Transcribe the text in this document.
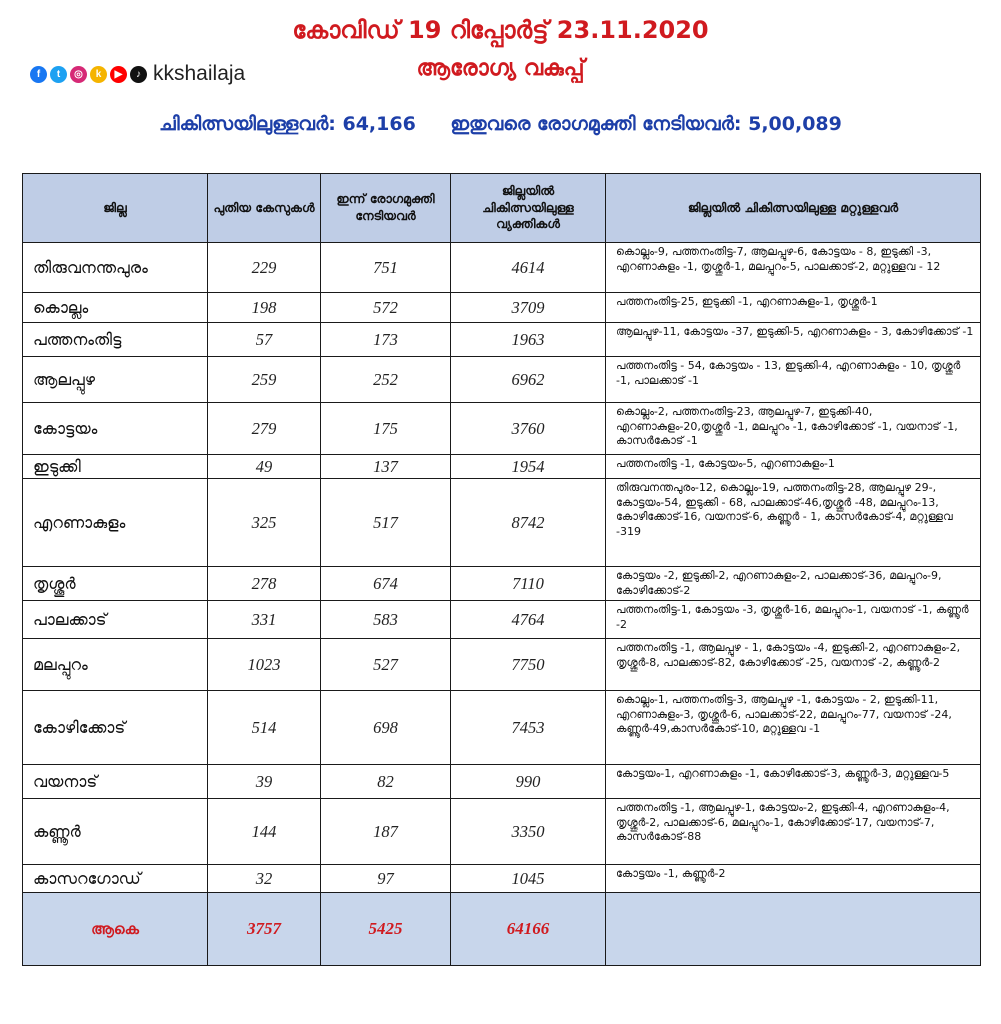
കോവിഡ് 19 റിപ്പോർട്ട് 23.11.2020
ആരോഗ്യ വകുപ്പ്
f	t	◎	k	▶	♪ kkshailaja
ചികിത്സയിലുള്ളവർ: 64,166 ഇതുവരെ രോഗമുക്തി നേടിയവർ: 5,00,089
ജില്ല	പുതിയ കേസുകൾ	ഇന്ന് രോഗമുക്തി നേടിയവർ	ജില്ലയിൽ ചികിത്സയിലുള്ള വ്യക്തികൾ	ജില്ലയിൽ ചികിത്സയിലുള്ള മറ്റുള്ളവർ
തിരുവനന്തപുരം	229	751	4614	കൊല്ലം-9, പത്തനംതിട്ട-7, ആലപ്പുഴ-6, കോട്ടയം - 8, ഇടുക്കി -3, എറണാകുളം -1, തൃശ്ശൂർ-1, മലപ്പുറം-5, പാലക്കാട്-2, മറ്റുള്ളവ - 12
കൊല്ലം	198	572	3709	പത്തനംതിട്ട-25, ഇടുക്കി -1, എറണാകുളം-1, തൃശ്ശൂർ-1
പത്തനംതിട്ട	57	173	1963	ആലപ്പുഴ-11, കോട്ടയം -37, ഇടുക്കി-5, എറണാകുളം - 3, കോഴിക്കോട് -1
ആലപ്പുഴ	259	252	6962	പത്തനംതിട്ട - 54, കോട്ടയം - 13, ഇടുക്കി-4, എറണാകുളം - 10, തൃശ്ശൂർ -1, പാലക്കാട് -1
കോട്ടയം	279	175	3760	കൊല്ലം-2, പത്തനംതിട്ട-23, ആലപ്പുഴ-7, ഇടുക്കി-40, എറണാകുളം-20,തൃശ്ശൂർ -1, മലപ്പുറം -1, കോഴിക്കോട് -1, വയനാട് -1, കാസർകോട് -1
ഇടുക്കി	49	137	1954	പത്തനംതിട്ട -1, കോട്ടയം-5, എറണാകുളം-1
എറണാകുളം	325	517	8742	തിരുവനന്തപുരം-12, കൊല്ലം-19, പത്തനംതിട്ട-28, ആലപ്പുഴ 29-, കോട്ടയം-54, ഇടുക്കി - 68, പാലക്കാട്-46,തൃശ്ശൂർ -48, മലപ്പുറം-13, കോഴിക്കോട്-16, വയനാട്-6, കണ്ണൂർ - 1, കാസർകോട്-4, മറ്റുള്ളവ -319
തൃശ്ശൂർ	278	674	7110	കോട്ടയം -2, ഇടുക്കി-2, എറണാകുളം-2, പാലക്കാട്-36, മലപ്പുറം-9, കോഴിക്കോട്-2
പാലക്കാട്	331	583	4764	പത്തനംതിട്ട-1, കോട്ടയം -3, തൃശ്ശൂർ-16, മലപ്പുറം-1, വയനാട് -1, കണ്ണൂർ -2
മലപ്പുറം	1023	527	7750	പത്തനംതിട്ട -1, ആലപ്പുഴ - 1, കോട്ടയം -4, ഇടുക്കി-2, എറണാകുളം-2, തൃശ്ശൂർ-8, പാലക്കാട്-82, കോഴിക്കോട് -25, വയനാട് -2, കണ്ണൂർ-2
കോഴിക്കോട്	514	698	7453	കൊല്ലം-1, പത്തനംതിട്ട-3, ആലപ്പുഴ -1, കോട്ടയം - 2, ഇടുക്കി-11, എറണാകുളം-3, തൃശ്ശൂർ-6, പാലക്കാട്-22, മലപ്പുറം-77, വയനാട് -24, കണ്ണൂർ-49,കാസർകോട്-10, മറ്റുള്ളവ -1
വയനാട്	39	82	990	കോട്ടയം-1, എറണാകുളം -1, കോഴിക്കോട്-3, കണ്ണൂർ-3, മറ്റുള്ളവ-5
കണ്ണൂർ	144	187	3350	പത്തനംതിട്ട -1, ആലപ്പുഴ-1, കോട്ടയം-2, ഇടുക്കി-4, എറണാകുളം-4, തൃശ്ശൂർ-2, പാലക്കാട്-6, മലപ്പുറം-1, കോഴിക്കോട്-17, വയനാട്-7, കാസർകോട്-88
കാസറഗോഡ്	32	97	1045	കോട്ടയം -1, കണ്ണൂർ-2
ആകെ	3757	5425	64166	
